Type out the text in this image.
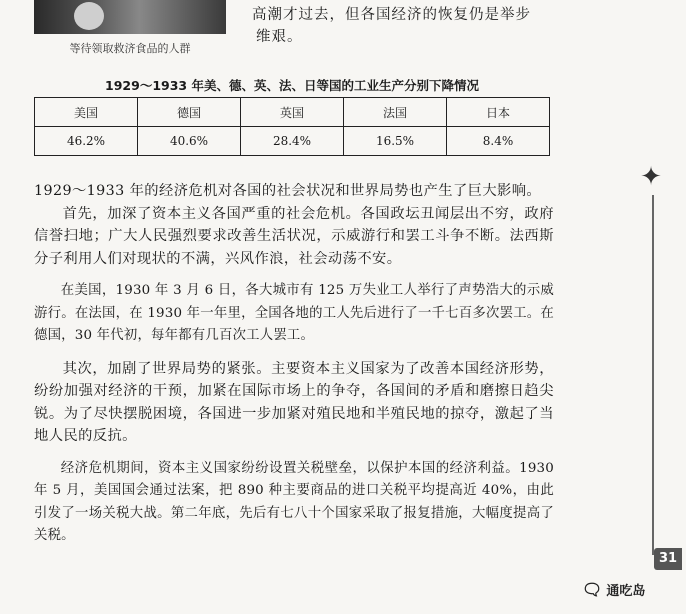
等待领取救济食品的人群
高潮才过去，但各国经济的恢复仍是举步
维艰。
1929～1933 年美、德、英、法、日等国的工业生产分别下降情况
美国	德国	英国	法国	日本
46.2%	40.6%	28.4%	16.5%	8.4%

1929～1933 年的经济危机对各国的社会状况和世界局势也产生了巨大影响。

首先，加深了资本主义各国严重的社会危机。各国政坛丑闻层出不穷，政府信誉扫地；广大人民强烈要求改善生活状况，示威游行和罢工斗争不断。法西斯分子利用人们对现状的不满，兴风作浪，社会动荡不安。

在美国，1930 年 3 月 6 日，各大城市有 125 万失业工人举行了声势浩大的示威游行。在法国，在 1930 年一年里，全国各地的工人先后进行了一千七百多次罢工。在德国，30 年代初，每年都有几百次工人罢工。

其次，加剧了世界局势的紧张。主要资本主义国家为了改善本国经济形势，纷纷加强对经济的干预，加紧在国际市场上的争夺，各国间的矛盾和磨擦日趋尖锐。为了尽快摆脱困境，各国进一步加紧对殖民地和半殖民地的掠夺，激起了当地人民的反抗。

经济危机期间，资本主义国家纷纷设置关税壁垒，以保护本国的经济利益。1930 年 5 月，美国国会通过法案，把 890 种主要商品的进口关税平均提高近 40%，由此引发了一场关税大战。第二年底，先后有七八十个国家采取了报复措施，大幅度提高了关税。

✦
31
🗨 通吃岛
